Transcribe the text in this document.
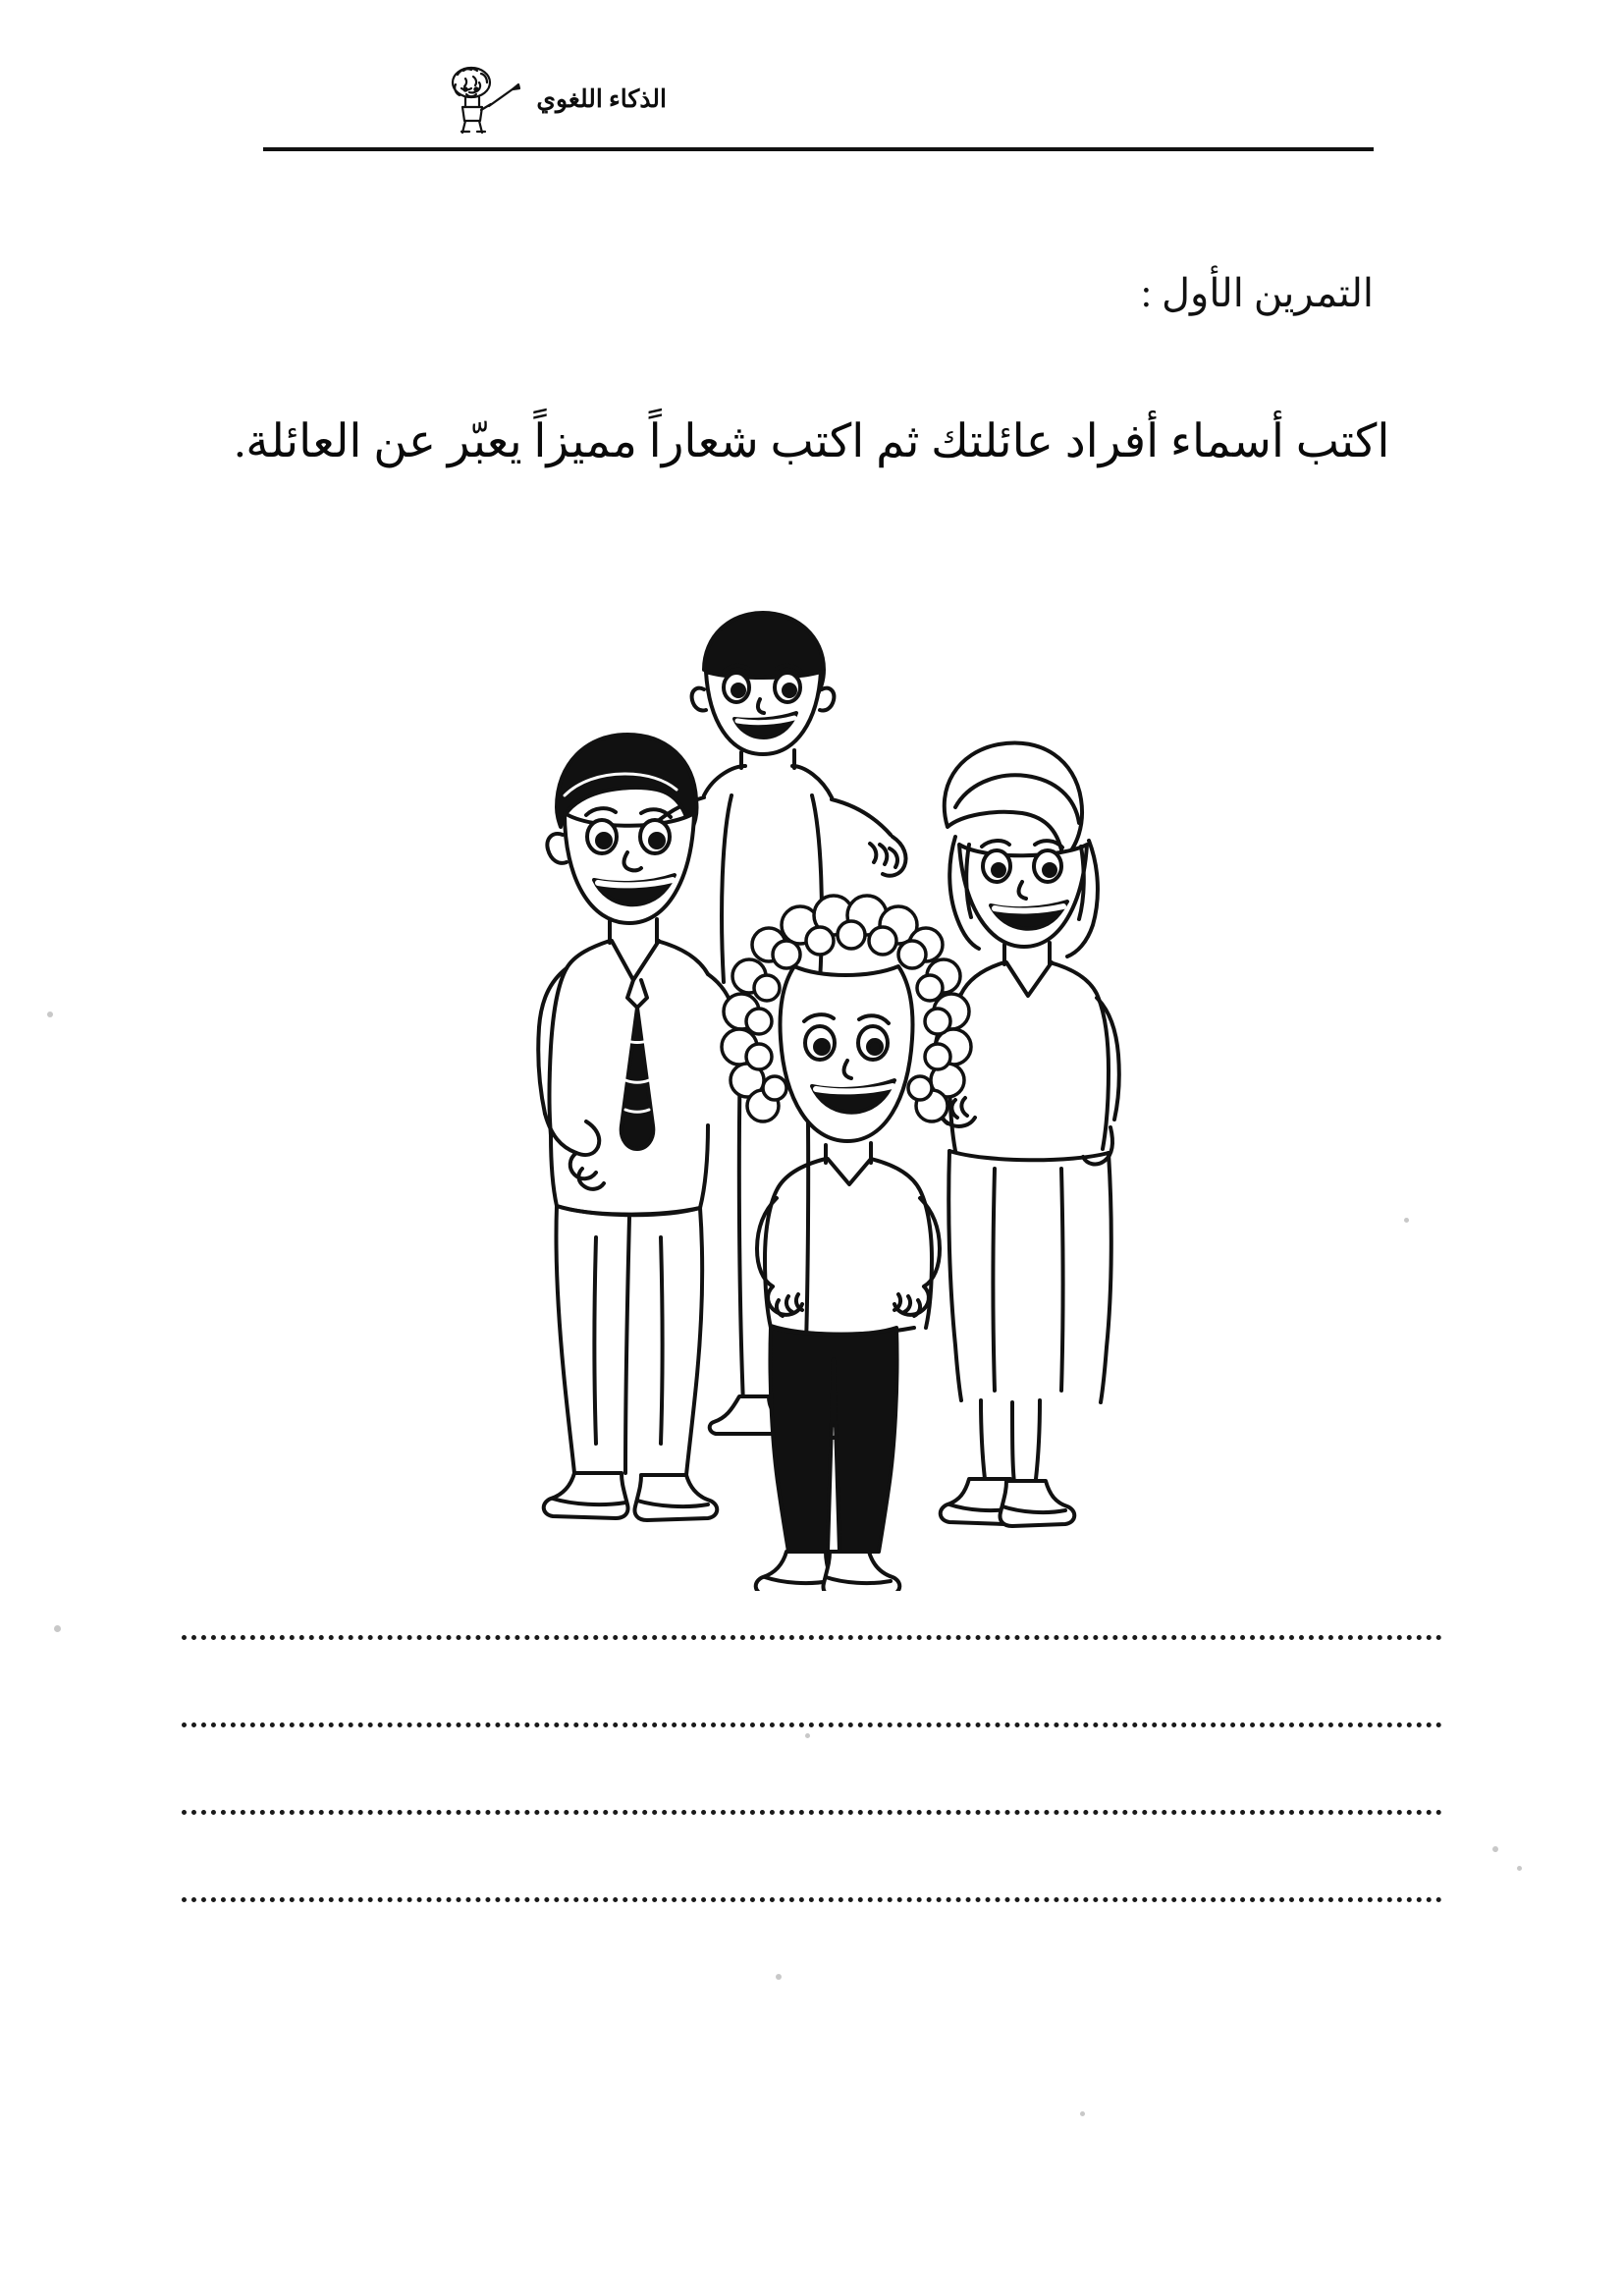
الذكاء اللغوي
التمرين الأول :
اكتب أسماء أفراد عائلتك ثم اكتب شعاراً مميزاً يعبّر عن العائلة.
